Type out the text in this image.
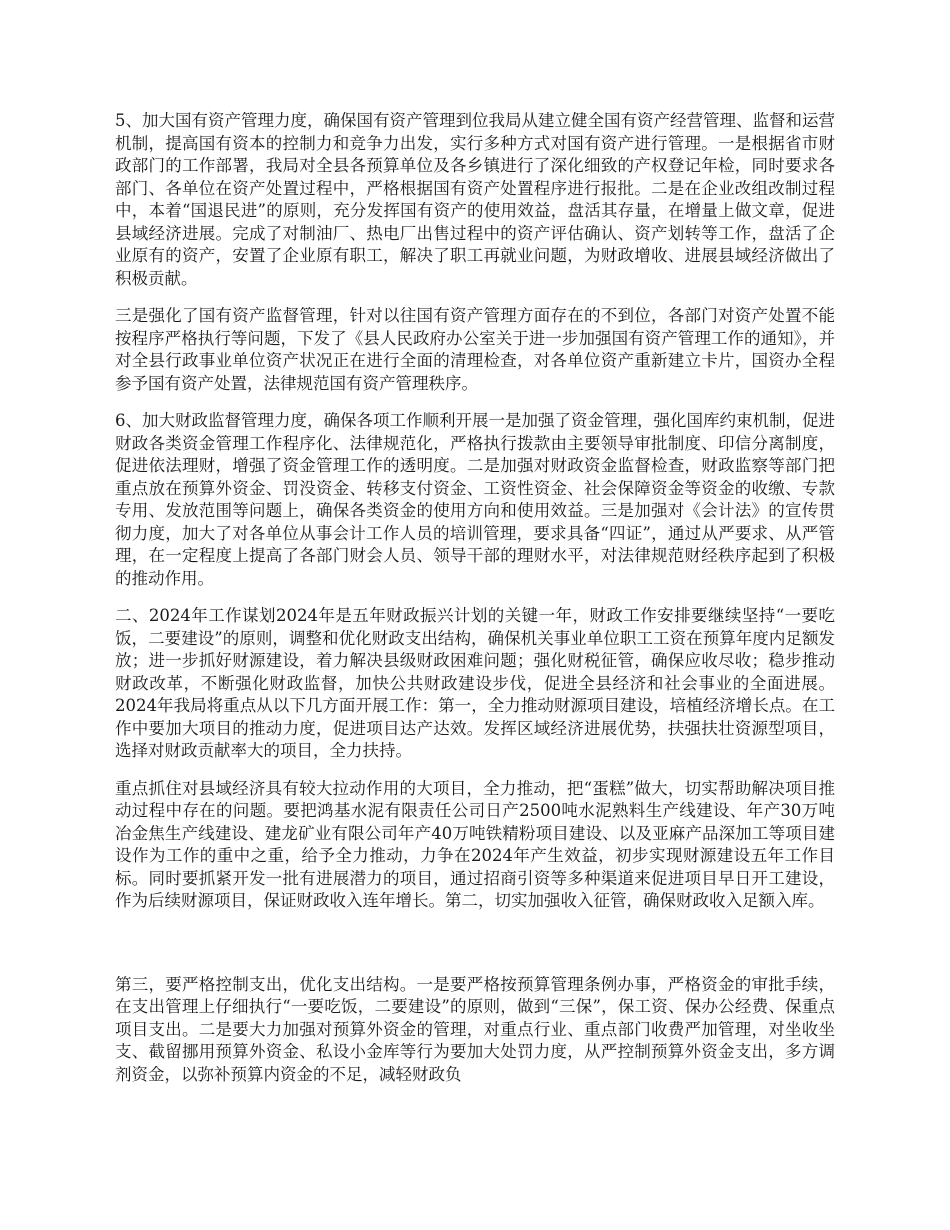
5、加大国有资产管理力度，确保国有资产管理到位我局从建立健全国有资产经营管理、监督和运营机制，提高国有资本的控制力和竞争力出发，实行多种方式对国有资产进行管理。一是根据省市财政部门的工作部署，我局对全县各预算单位及各乡镇进行了深化细致的产权登记年检，同时要求各部门、各单位在资产处置过程中，严格根据国有资产处置程序进行报批。二是在企业改组改制过程中，本着“国退民进”的原则，充分发挥国有资产的使用效益，盘活其存量，在增量上做文章，促进县域经济进展。完成了对制油厂、热电厂出售过程中的资产评估确认、资产划转等工作，盘活了企业原有的资产，安置了企业原有职工，解决了职工再就业问题，为财政增收、进展县域经济做出了积极贡献。

三是强化了国有资产监督管理，针对以往国有资产管理方面存在的不到位，各部门对资产处置不能按程序严格执行等问题，下发了《县人民政府办公室关于进一步加强国有资产管理工作的通知》，并对全县行政事业单位资产状况正在进行全面的清理检查，对各单位资产重新建立卡片，国资办全程参予国有资产处置，法律规范国有资产管理秩序。

6、加大财政监督管理力度，确保各项工作顺利开展一是加强了资金管理，强化国库约束机制，促进财政各类资金管理工作程序化、法律规范化，严格执行拨款由主要领导审批制度、印信分离制度，促进依法理财，增强了资金管理工作的透明度。二是加强对财政资金监督检查，财政监察等部门把重点放在预算外资金、罚没资金、转移支付资金、工资性资金、社会保障资金等资金的收缴、专款专用、发放范围等问题上，确保各类资金的使用方向和使用效益。三是加强对《会计法》的宣传贯彻力度，加大了对各单位从事会计工作人员的培训管理，要求具备“四证”，通过从严要求、从严管理，在一定程度上提高了各部门财会人员、领导干部的理财水平，对法律规范财经秩序起到了积极的推动作用。

二、2024年工作谋划2024年是五年财政振兴计划的关键一年，财政工作安排要继续坚持“一要吃饭，二要建设”的原则，调整和优化财政支出结构，确保机关事业单位职工工资在预算年度内足额发放；进一步抓好财源建设，着力解决县级财政困难问题；强化财税征管，确保应收尽收；稳步推动财政改革，不断强化财政监督，加快公共财政建设步伐，促进全县经济和社会事业的全面进展。2024年我局将重点从以下几方面开展工作：第一，全力推动财源项目建设，培植经济增长点。在工作中要加大项目的推动力度，促进项目达产达效。发挥区域经济进展优势，扶强扶壮资源型项目，选择对财政贡献率大的项目，全力扶持。

重点抓住对县域经济具有较大拉动作用的大项目，全力推动，把“蛋糕”做大，切实帮助解决项目推动过程中存在的问题。要把鸿基水泥有限责任公司日产2500吨水泥熟料生产线建设、年产30万吨冶金焦生产线建设、建龙矿业有限公司年产40万吨铁精粉项目建设、以及亚麻产品深加工等项目建设作为工作的重中之重，给予全力推动，力争在2024年产生效益，初步实现财源建设五年工作目标。同时要抓紧开发一批有进展潜力的项目，通过招商引资等多种渠道来促进项目早日开工建设，作为后续财源项目，保证财政收入连年增长。第二，切实加强收入征管，确保财政收入足额入库。

第三，要严格控制支出，优化支出结构。一是要严格按预算管理条例办事，严格资金的审批手续，在支出管理上仔细执行“一要吃饭，二要建设”的原则，做到“三保”，保工资、保办公经费、保重点项目支出。二是要大力加强对预算外资金的管理，对重点行业、重点部门收费严加管理，对坐收坐支、截留挪用预算外资金、私设小金库等行为要加大处罚力度，从严控制预算外资金支出，多方调剂资金，以弥补预算内资金的不足，减轻财政负
